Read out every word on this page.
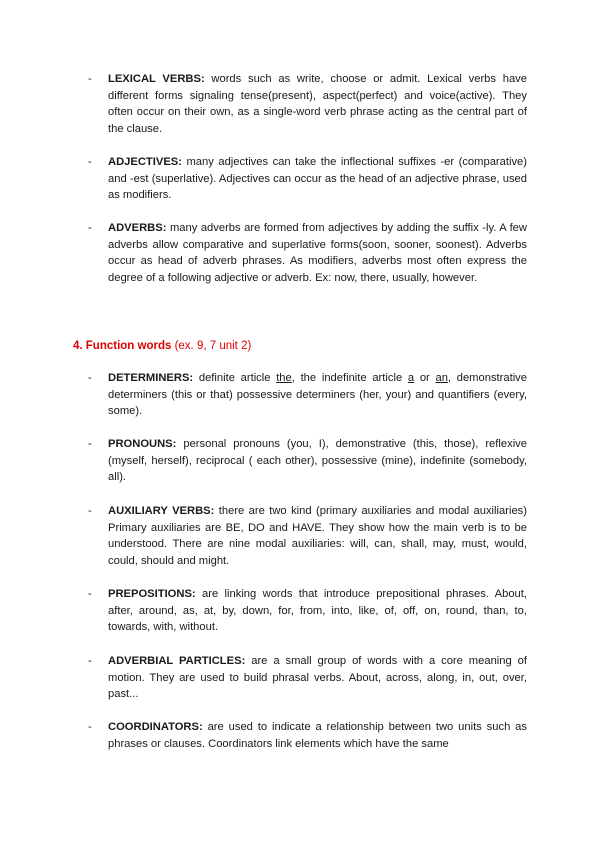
-	LEXICAL VERBS: words such as write, choose or admit. Lexical verbs have different forms signaling tense(present), aspect(perfect) and voice(active). They often occur on their own, as a single-word verb phrase acting as the central part of the clause.
-	ADJECTIVES: many adjectives can take the inflectional suffixes -er (comparative) and -est (superlative). Adjectives can occur as the head of an adjective phrase, used as modifiers.
-	ADVERBS: many adverbs are formed from adjectives by adding the suffix -ly. A few adverbs allow comparative and superlative forms(soon, sooner, soonest). Adverbs occur as head of adverb phrases. As modifiers, adverbs most often express the degree of a following adjective or adverb. Ex: now, there, usually, however.
4. Function words (ex. 9, 7 unit 2)
-	DETERMINERS: definite article the, the indefinite article a or an, demonstrative determiners (this or that) possessive determiners (her, your) and quantifiers (every, some).
-	PRONOUNS: personal pronouns (you, I), demonstrative (this, those), reflexive (myself, herself), reciprocal ( each other), possessive (mine), indefinite (somebody, all).
-	AUXILIARY VERBS: there are two kind (primary auxiliaries and modal auxiliaries) Primary auxiliaries are BE, DO and HAVE. They show how the main verb is to be understood. There are nine modal auxiliaries: will, can, shall, may, must, would, could, should and might.
-	PREPOSITIONS: are linking words that introduce prepositional phrases. About, after, around, as, at, by, down, for, from, into, like, of, off, on, round, than, to, towards, with, without.
-	ADVERBIAL PARTICLES: are a small group of words with a core meaning of motion. They are used to build phrasal verbs. About, across, along, in, out, over, past...
-	COORDINATORS: are used to indicate a relationship between two units such as phrases or clauses. Coordinators link elements which have the same
